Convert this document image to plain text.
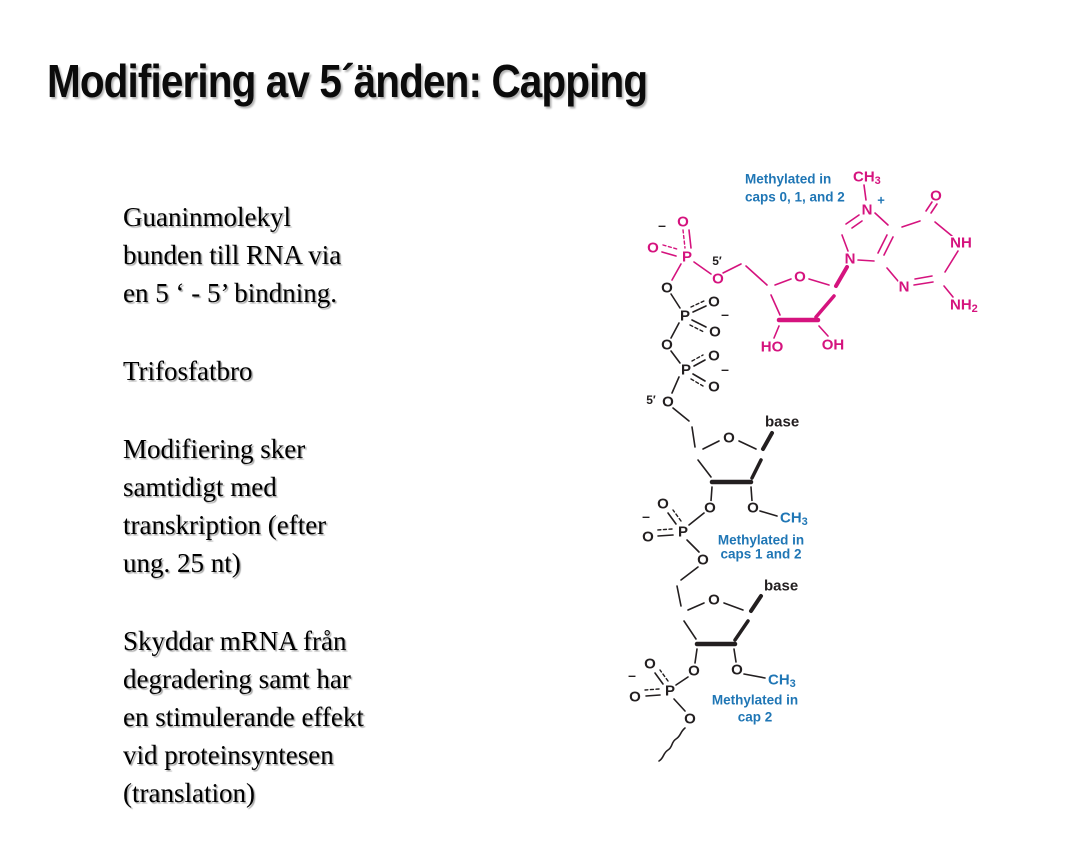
Modifiering av 5´änden: Capping
Guaninmolekyl
bunden till RNA via
en 5 ‘ - 5’ bindning.
Trifosfatbro
Modifiering sker
samtidigt med
transkription (efter
ung. 25 nt)
Skyddar mRNA från
degradering samt har
en stimulerande effekt
vid proteinsyntesen
(translation)
– O
O
P 5′
O	O
HO	OH
$CH_3$
N
+
N
O
NH
N
$NH_2$
O
P
O
–
O
O
P
O
–
O
5′ O
O
base
O O
$CH_3$
O
–
O P
O
O
base
O O
$CH_3$
O
–
O P
O
Methylated in
caps 0, 1, and 2
Methylated in
caps 1 and 2
Methylated in
cap 2
